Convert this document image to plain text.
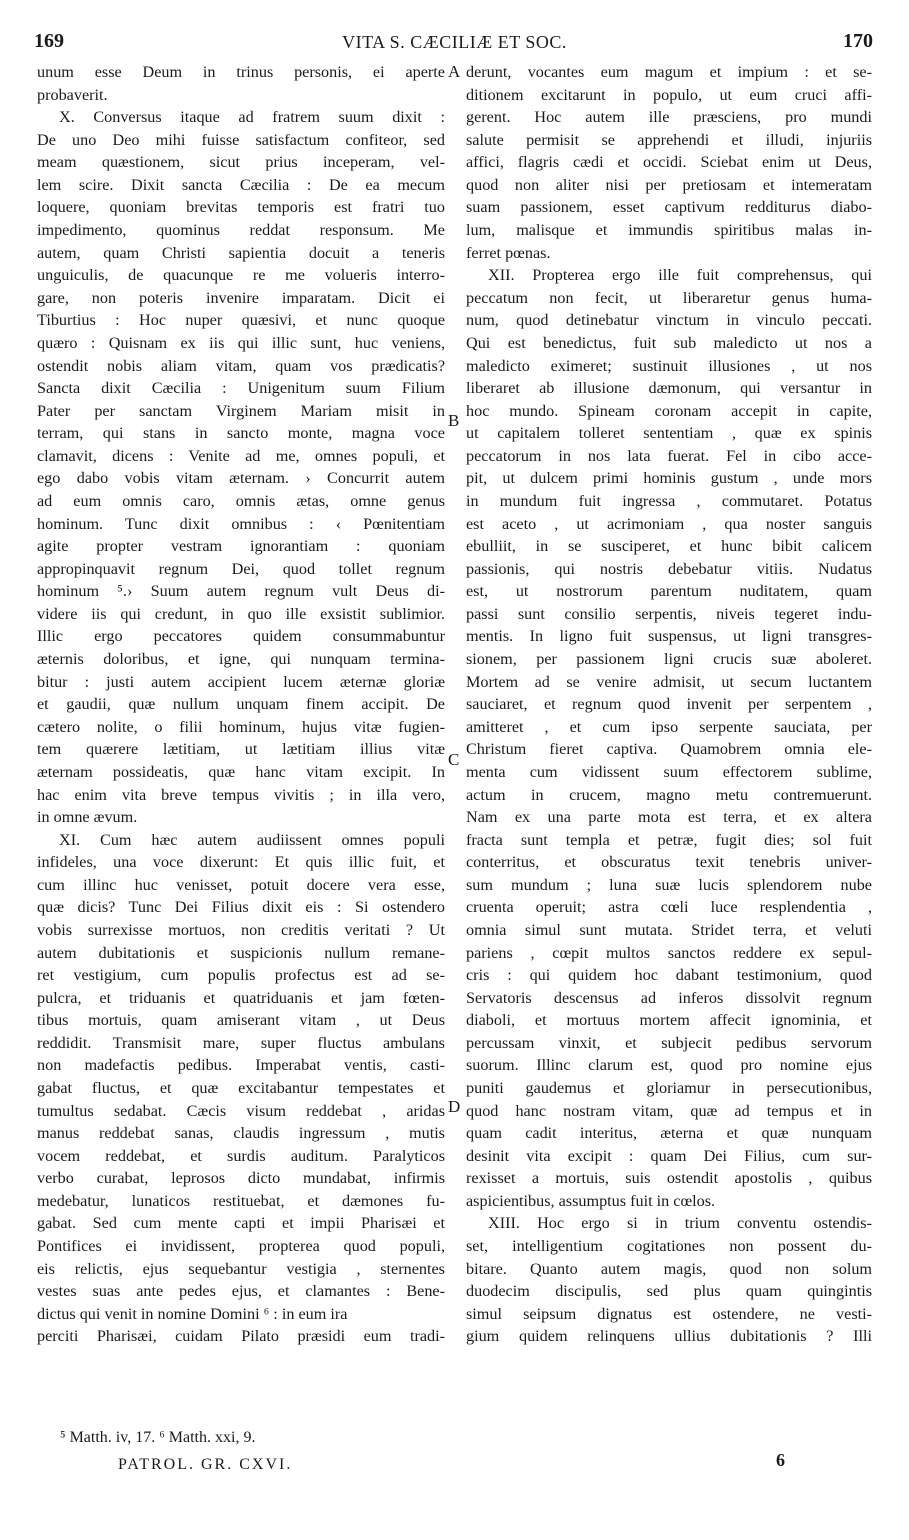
169	VITA S. CÆCILIÆ ET SOC.	170
unum esse Deum in trinus personis, ei aperte
probaverit.
X. Conversus itaque ad fratrem suum dixit :
De uno Deo mihi fuisse satisfactum confiteor, sed
meam quæstionem, sicut prius inceperam, vel-
lem scire. Dixit sancta Cæcilia : De ea mecum
loquere, quoniam brevitas temporis est fratri tuo
impedimento, quominus reddat responsum. Me
autem, quam Christi sapientia docuit a teneris
unguiculis, de quacunque re me volueris interro-
gare, non poteris invenire imparatam. Dicit ei
Tiburtius : Hoc nuper quæsivi, et nunc quoque
quæro : Quisnam ex iis qui illic sunt, huc veniens,
ostendit nobis aliam vitam, quam vos prædicatis?
Sancta dixit Cæcilia : Unigenitum suum Filium
Pater per sanctam Virginem Mariam misit in
terram, qui stans in sancto monte, magna voce
clamavit, dicens : Venite ad me, omnes populi, et
ego dabo vobis vitam æternam. › Concurrit autem
ad eum omnis caro, omnis ætas, omne genus
hominum. Tunc dixit omnibus : ‹ Pœnitentiam
agite propter vestram ignorantiam : quoniam
appropinquavit regnum Dei, quod tollet regnum
hominum ⁵.› Suum autem regnum vult Deus di-
videre iis qui credunt, in quo ille exsistit sublimior.
Illic ergo peccatores quidem consummabuntur
æternis doloribus, et igne, qui nunquam termina-
bitur : justi autem accipient lucem æternæ gloriæ
et gaudii, quæ nullum unquam finem accipit. De
cætero nolite, o filii hominum, hujus vitæ fugien-
tem quærere lætitiam, ut lætitiam illius vitæ
æternam possideatis, quæ hanc vitam excipit. In
hac enim vita breve tempus vivitis ; in illa vero,
in omne ævum.
XI. Cum hæc autem audiissent omnes populi
infideles, una voce dixerunt: Et quis illic fuit, et
cum illinc huc venisset, potuit docere vera esse,
quæ dicis? Tunc Dei Filius dixit eis : Si ostendero
vobis surrexisse mortuos, non creditis veritati ? Ut
autem dubitationis et suspicionis nullum remane-
ret vestigium, cum populis profectus est ad se-
pulcra, et triduanis et quatriduanis et jam fœten-
tibus mortuis, quam amiserant vitam , ut Deus
reddidit. Transmisit mare, super fluctus ambulans
non madefactis pedibus. Imperabat ventis, casti-
gabat fluctus, et quæ excitabantur tempestates et
tumultus sedabat. Cæcis visum reddebat , aridas
manus reddebat sanas, claudis ingressum , mutis
vocem reddebat, et surdis auditum. Paralyticos
verbo curabat, leprosos dicto mundabat, infirmis
medebatur, lunaticos restituebat, et dæmones fu-
gabat. Sed cum mente capti et impii Pharisæi et
Pontifices ei invidissent, propterea quod populi,
eis relictis, ejus sequebantur vestigia , sternentes
vestes suas ante pedes ejus, et clamantes : Bene-
dictus qui venit in nomine Domini ⁶ : in eum ira
perciti Pharisæi, cuidam Pilato præsidi eum tradi-
derunt, vocantes eum magum et impium : et se-
ditionem excitarunt in populo, ut eum cruci affi-
gerent. Hoc autem ille præsciens, pro mundi
salute permisit se apprehendi et illudi, injuriis
affici, flagris cædi et occidi. Sciebat enim ut Deus,
quod non aliter nisi per pretiosam et intemeratam
suam passionem, esset captivum redditurus diabo-
lum, malisque et immundis spiritibus malas in-
ferret pœnas.
XII. Propterea ergo ille fuit comprehensus, qui
peccatum non fecit, ut liberaretur genus huma-
num, quod detinebatur vinctum in vinculo peccati.
Qui est benedictus, fuit sub maledicto ut nos a
maledicto eximeret; sustinuit illusiones , ut nos
liberaret ab illusione dæmonum, qui versantur in
hoc mundo. Spineam coronam accepit in capite,
ut capitalem tolleret sententiam , quæ ex spinis
peccatorum in nos lata fuerat. Fel in cibo acce-
pit, ut dulcem primi hominis gustum , unde mors
in mundum fuit ingressa , commutaret. Potatus
est aceto , ut acrimoniam , qua noster sanguis
ebulliit, in se susciperet, et hunc bibit calicem
passionis, qui nostris debebatur vitiis. Nudatus
est, ut nostrorum parentum nuditatem, quam
passi sunt consilio serpentis, niveis tegeret indu-
mentis. In ligno fuit suspensus, ut ligni transgres-
sionem, per passionem ligni crucis suæ aboleret.
Mortem ad se venire admisit, ut secum luctantem
sauciaret, et regnum quod invenit per serpentem ,
amitteret , et cum ipso serpente sauciata, per
Christum fieret captiva. Quamobrem omnia ele-
menta cum vidissent suum effectorem sublime,
actum in crucem, magno metu contremuerunt.
Nam ex una parte mota est terra, et ex altera
fracta sunt templa et petræ, fugit dies; sol fuit
conterritus, et obscuratus texit tenebris univer-
sum mundum ; luna suæ lucis splendorem nube
cruenta operuit; astra cœli luce resplendentia ,
omnia simul sunt mutata. Stridet terra, et veluti
pariens , cœpit multos sanctos reddere ex sepul-
cris : qui quidem hoc dabant testimonium, quod
Servatoris descensus ad inferos dissolvit regnum
diaboli, et mortuus mortem affecit ignominia, et
percussam vinxit, et subjecit pedibus servorum
suorum. Illinc clarum est, quod pro nomine ejus
puniti gaudemus et gloriamur in persecutionibus,
quod hanc nostram vitam, quæ ad tempus et in
quam cadit interitus, æterna et quæ nunquam
desinit vita excipit : quam Dei Filius, cum sur-
rexisset a mortuis, suis ostendit apostolis , quibus
aspicientibus, assumptus fuit in cœlos.
XIII. Hoc ergo si in trium conventu ostendis-
set, intelligentium cogitationes non possent du-
bitare. Quanto autem magis, quod non solum
duodecim discipulis, sed plus quam quingintis
simul seipsum dignatus est ostendere, ne vesti-
gium quidem relinquens ullius dubitationis ? Illi
A
B
C
D
⁵ Matth. iv, 17. ⁶ Matth. xxi, 9.
PATROL. GR. CXVI.	6
